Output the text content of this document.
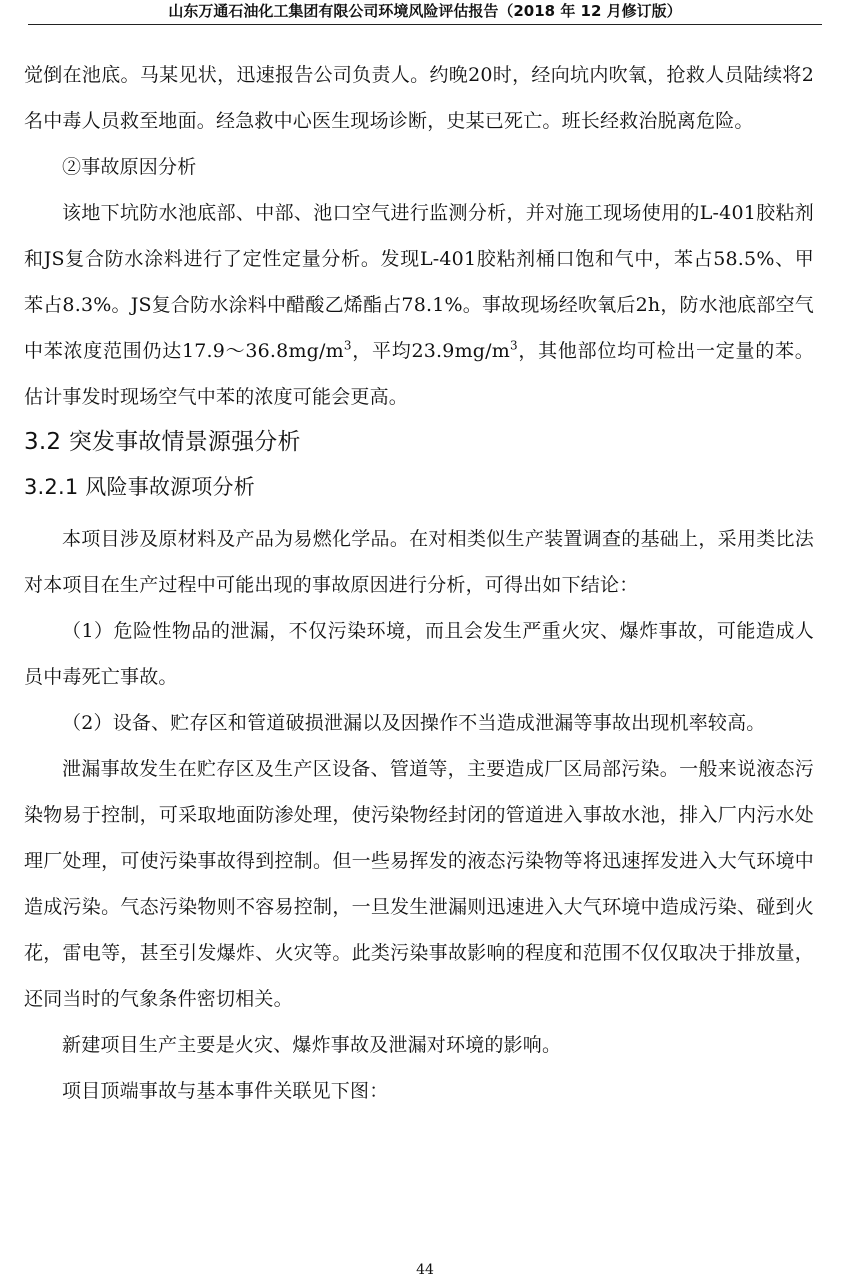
山东万通石油化工集团有限公司环境风险评估报告（2018 年 12 月修订版）

觉倒在池底。马某见状，迅速报告公司负责人。约晚20时，经向坑内吹氧，抢救人员陆续将2名中毒人员救至地面。经急救中心医生现场诊断，史某已死亡。班长经救治脱离危险。

②事故原因分析

该地下坑防水池底部、中部、池口空气进行监测分析，并对施工现场使用的L-401胶粘剂和JS复合防水涂料进行了定性定量分析。发现L-401胶粘剂桶口饱和气中，苯占58.5%、甲苯占8.3%。JS复合防水涂料中醋酸乙烯酯占78.1%。事故现场经吹氧后2h，防水池底部空气中苯浓度范围仍达$17.9\sim 36.8mg/m^3$，平均$23.9mg/m^3$，其他部位均可检出一定量的苯。估计事发时现场空气中苯的浓度可能会更高。

3.2 突发事故情景源强分析
3.2.1 风险事故源项分析

本项目涉及原材料及产品为易燃化学品。在对相类似生产装置调查的基础上，采用类比法对本项目在生产过程中可能出现的事故原因进行分析，可得出如下结论：

（1）危险性物品的泄漏，不仅污染环境，而且会发生严重火灾、爆炸事故，可能造成人员中毒死亡事故。

（2）设备、贮存区和管道破损泄漏以及因操作不当造成泄漏等事故出现机率较高。

泄漏事故发生在贮存区及生产区设备、管道等，主要造成厂区局部污染。一般来说液态污染物易于控制，可采取地面防渗处理，使污染物经封闭的管道进入事故水池，排入厂内污水处理厂处理，可使污染事故得到控制。但一些易挥发的液态污染物等将迅速挥发进入大气环境中造成污染。气态污染物则不容易控制，一旦发生泄漏则迅速进入大气环境中造成污染、碰到火花，雷电等，甚至引发爆炸、火灾等。此类污染事故影响的程度和范围不仅仅取决于排放量，还同当时的气象条件密切相关。

新建项目生产主要是火灾、爆炸事故及泄漏对环境的影响。

项目顶端事故与基本事件关联见下图：

44
